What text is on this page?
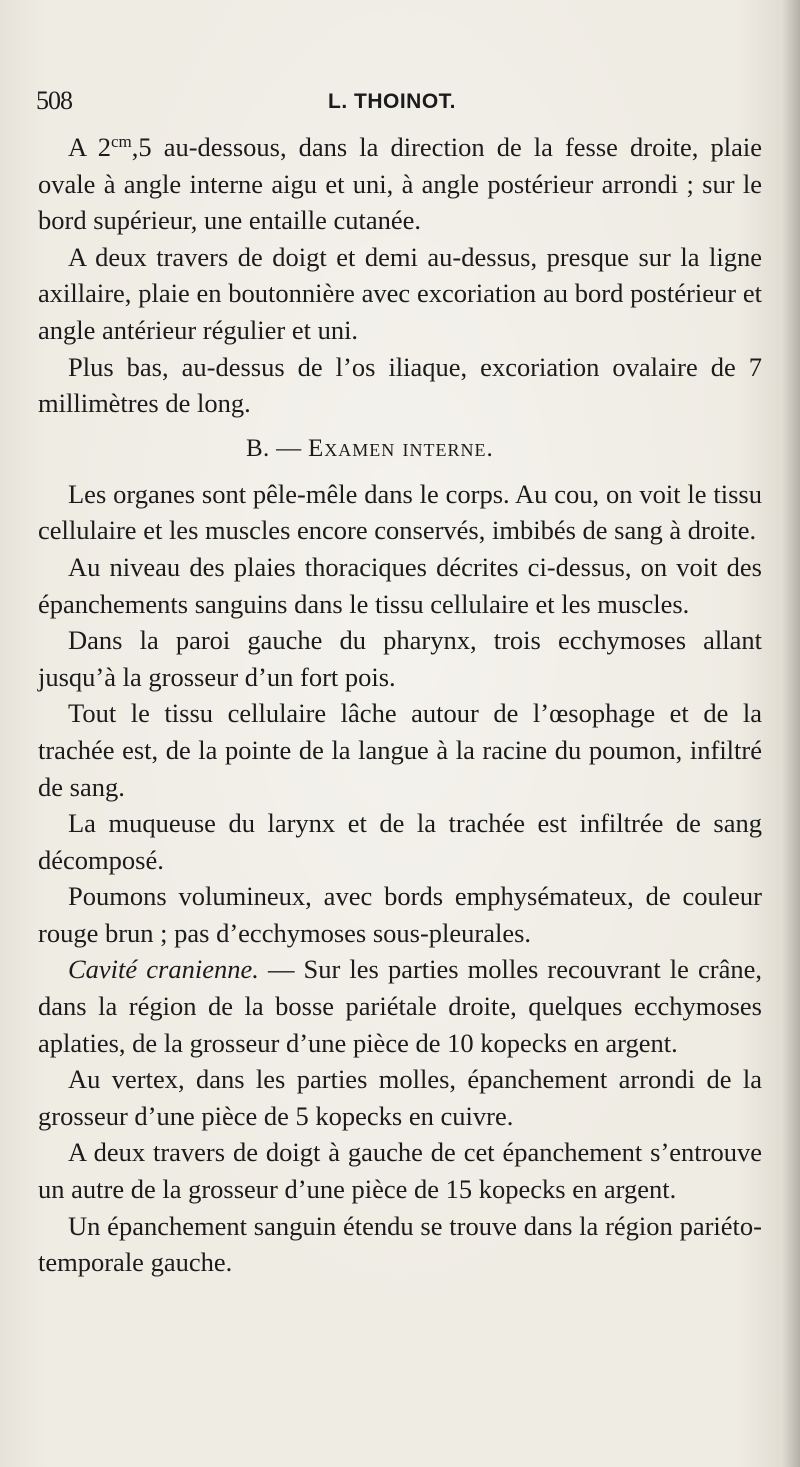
508	L. THOINOT.

A $2^{cm},5$ au-dessous, dans la direction de la fesse droite, plaie ovale à angle interne aigu et uni, à angle postérieur arrondi ; sur le bord supérieur, une entaille cutanée.

A deux travers de doigt et demi au-dessus, presque sur la ligne axillaire, plaie en boutonnière avec excoriation au bord postérieur et angle antérieur régulier et uni.

Plus bas, au-dessus de l’os iliaque, excoriation ovalaire de 7 millimètres de long.

B. — Examen interne.

Les organes sont pêle-mêle dans le corps. Au cou, on voit le tissu cellulaire et les muscles encore conservés, imbibés de sang à droite.

Au niveau des plaies thoraciques décrites ci-dessus, on voit des épanchements sanguins dans le tissu cellulaire et les muscles.

Dans la paroi gauche du pharynx, trois ecchymoses allant jusqu’à la grosseur d’un fort pois.

Tout le tissu cellulaire lâche autour de l’œsophage et de la trachée est, de la pointe de la langue à la racine du poumon, infiltré de sang.

La muqueuse du larynx et de la trachée est infiltrée de sang décomposé.

Poumons volumineux, avec bords emphysémateux, de couleur rouge brun ; pas d’ecchymoses sous-pleurales.

Cavité cranienne. — Sur les parties molles recouvrant le crâne, dans la région de la bosse pariétale droite, quelques ecchymoses aplaties, de la grosseur d’une pièce de 10 kopecks en argent.

Au vertex, dans les parties molles, épanchement arrondi de la grosseur d’une pièce de 5 kopecks en cuivre.

A deux travers de doigt à gauche de cet épanchement s’entrouve un autre de la grosseur d’une pièce de 15 kopecks en argent.

Un épanchement sanguin étendu se trouve dans la région pariéto-temporale gauche.
